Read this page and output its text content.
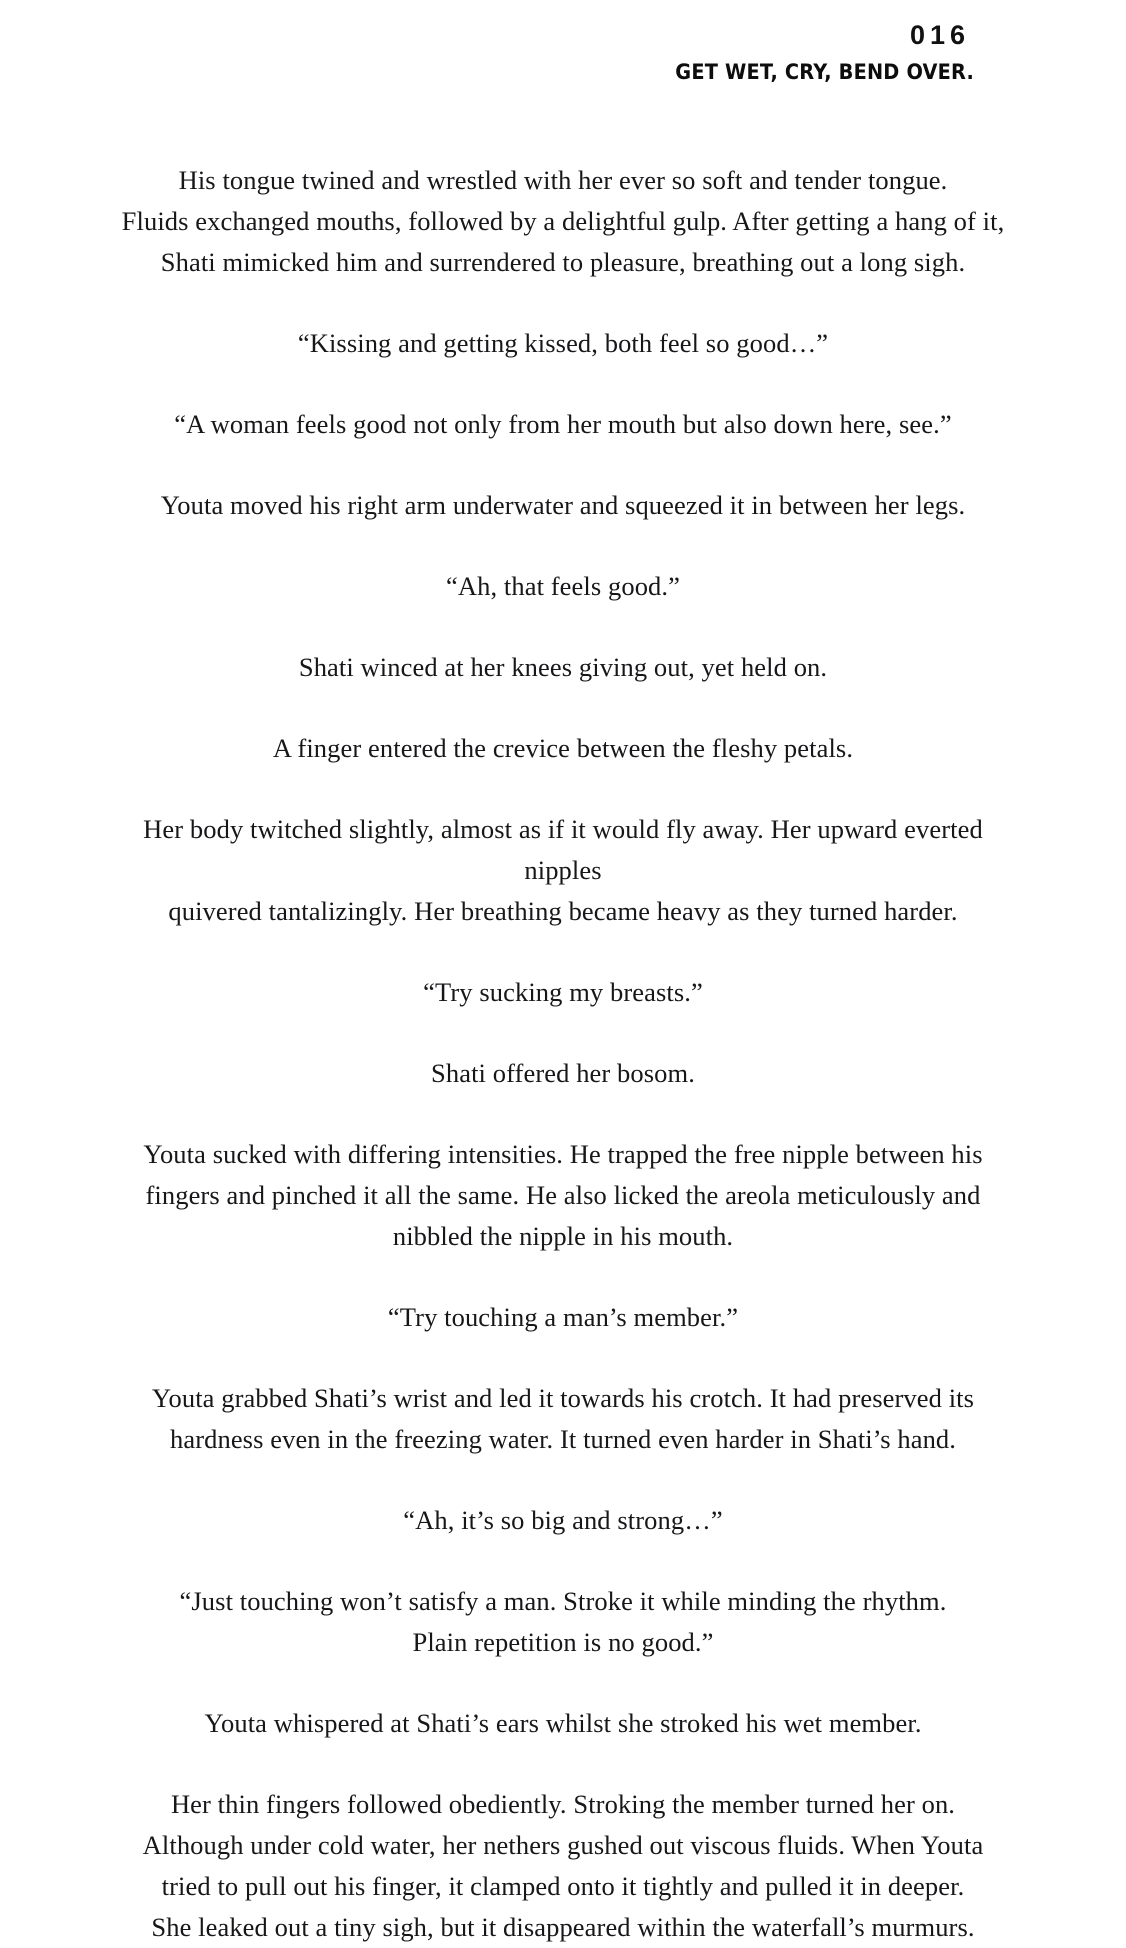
016
GET WET, CRY, BEND OVER.

His tongue twined and wrestled with her ever so soft and tender tongue.
Fluids exchanged mouths, followed by a delightful gulp. After getting a hang of it,
Shati mimicked him and surrendered to pleasure, breathing out a long sigh.

“Kissing and getting kissed, both feel so good…”

“A woman feels good not only from her mouth but also down here, see.”

Youta moved his right arm underwater and squeezed it in between her legs.

“Ah, that feels good.”

Shati winced at her knees giving out, yet held on.

A finger entered the crevice between the fleshy petals.

Her body twitched slightly, almost as if it would fly away. Her upward everted nipples
quivered tantalizingly. Her breathing became heavy as they turned harder.

“Try sucking my breasts.”

Shati offered her bosom.

Youta sucked with differing intensities. He trapped the free nipple between his
fingers and pinched it all the same. He also licked the areola meticulously and
nibbled the nipple in his mouth.

“Try touching a man’s member.”

Youta grabbed Shati’s wrist and led it towards his crotch. It had preserved its
hardness even in the freezing water. It turned even harder in Shati’s hand.

“Ah, it’s so big and strong…”

“Just touching won’t satisfy a man. Stroke it while minding the rhythm.
Plain repetition is no good.”

Youta whispered at Shati’s ears whilst she stroked his wet member.

Her thin fingers followed obediently. Stroking the member turned her on.
Although under cold water, her nethers gushed out viscous fluids. When Youta
tried to pull out his finger, it clamped onto it tightly and pulled it in deeper.
She leaked out a tiny sigh, but it disappeared within the waterfall’s murmurs.
